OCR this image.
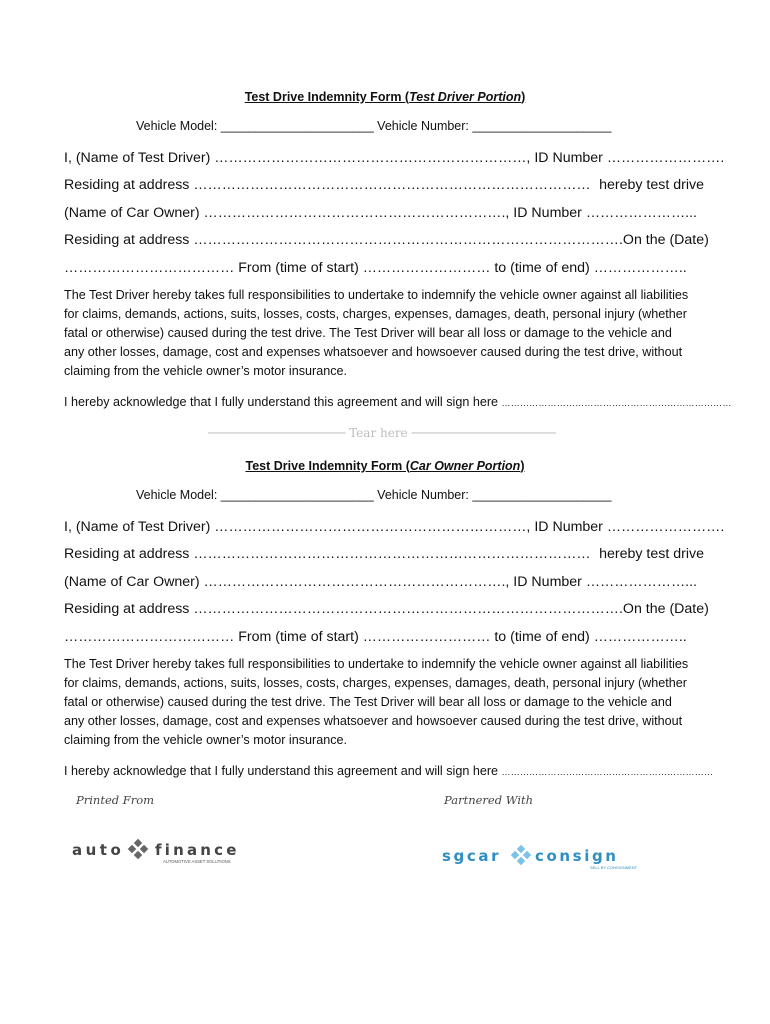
Test Drive Indemnity Form (Test Driver Portion)
Vehicle Model: ______________________ Vehicle Number: ____________________
I, (Name of Test Driver) …………………………………………………………, ID Number …………………….
Residing at address ………………………………………………………………………… hereby test drive
(Name of Car Owner) ………………………………………………………., ID Number …………………...
Residing at address ………………………………………………………………………………. On the (Date)
……………………………… From (time of start) ……………………… to (time of end) ………………..
The Test Driver hereby takes full responsibilities to undertake to indemnify the vehicle owner against all liabilities for claims, demands, actions, suits, losses, costs, charges, expenses, damages, death, personal injury (whether fatal or otherwise) caused during the test drive. The Test Driver will bear all loss or damage to the vehicle and any other losses, damage, cost and expenses whatsoever and howsoever caused during the test drive, without claiming from the vehicle owner’s motor insurance.
I hereby acknowledge that I fully understand this agreement and will sign here …………………………………………………………………
─────────────────── Tear here ────────────────────
Test Drive Indemnity Form (Car Owner Portion)
Vehicle Model: ______________________ Vehicle Number: ____________________
I, (Name of Test Driver) …………………………………………………………, ID Number …………………….
Residing at address ………………………………………………………………………… hereby test drive
(Name of Car Owner) ………………………………………………………., ID Number …………………...
Residing at address ………………………………………………………………………………. On the (Date)
……………………………… From (time of start) ……………………… to (time of end) ………………..
The Test Driver hereby takes full responsibilities to undertake to indemnify the vehicle owner against all liabilities for claims, demands, actions, suits, losses, costs, charges, expenses, damages, death, personal injury (whether fatal or otherwise) caused during the test drive. The Test Driver will bear all loss or damage to the vehicle and any other losses, damage, cost and expenses whatsoever and howsoever caused during the test drive, without claiming from the vehicle owner’s motor insurance.
I hereby acknowledge that I fully understand this agreement and will sign here ……………………………………………………………
Printed From	Partnered With
auto finance
AUTOMOTIVE ASSET SOLUTIONS	sgcar consign
SELL BY CONSIGNMENT
